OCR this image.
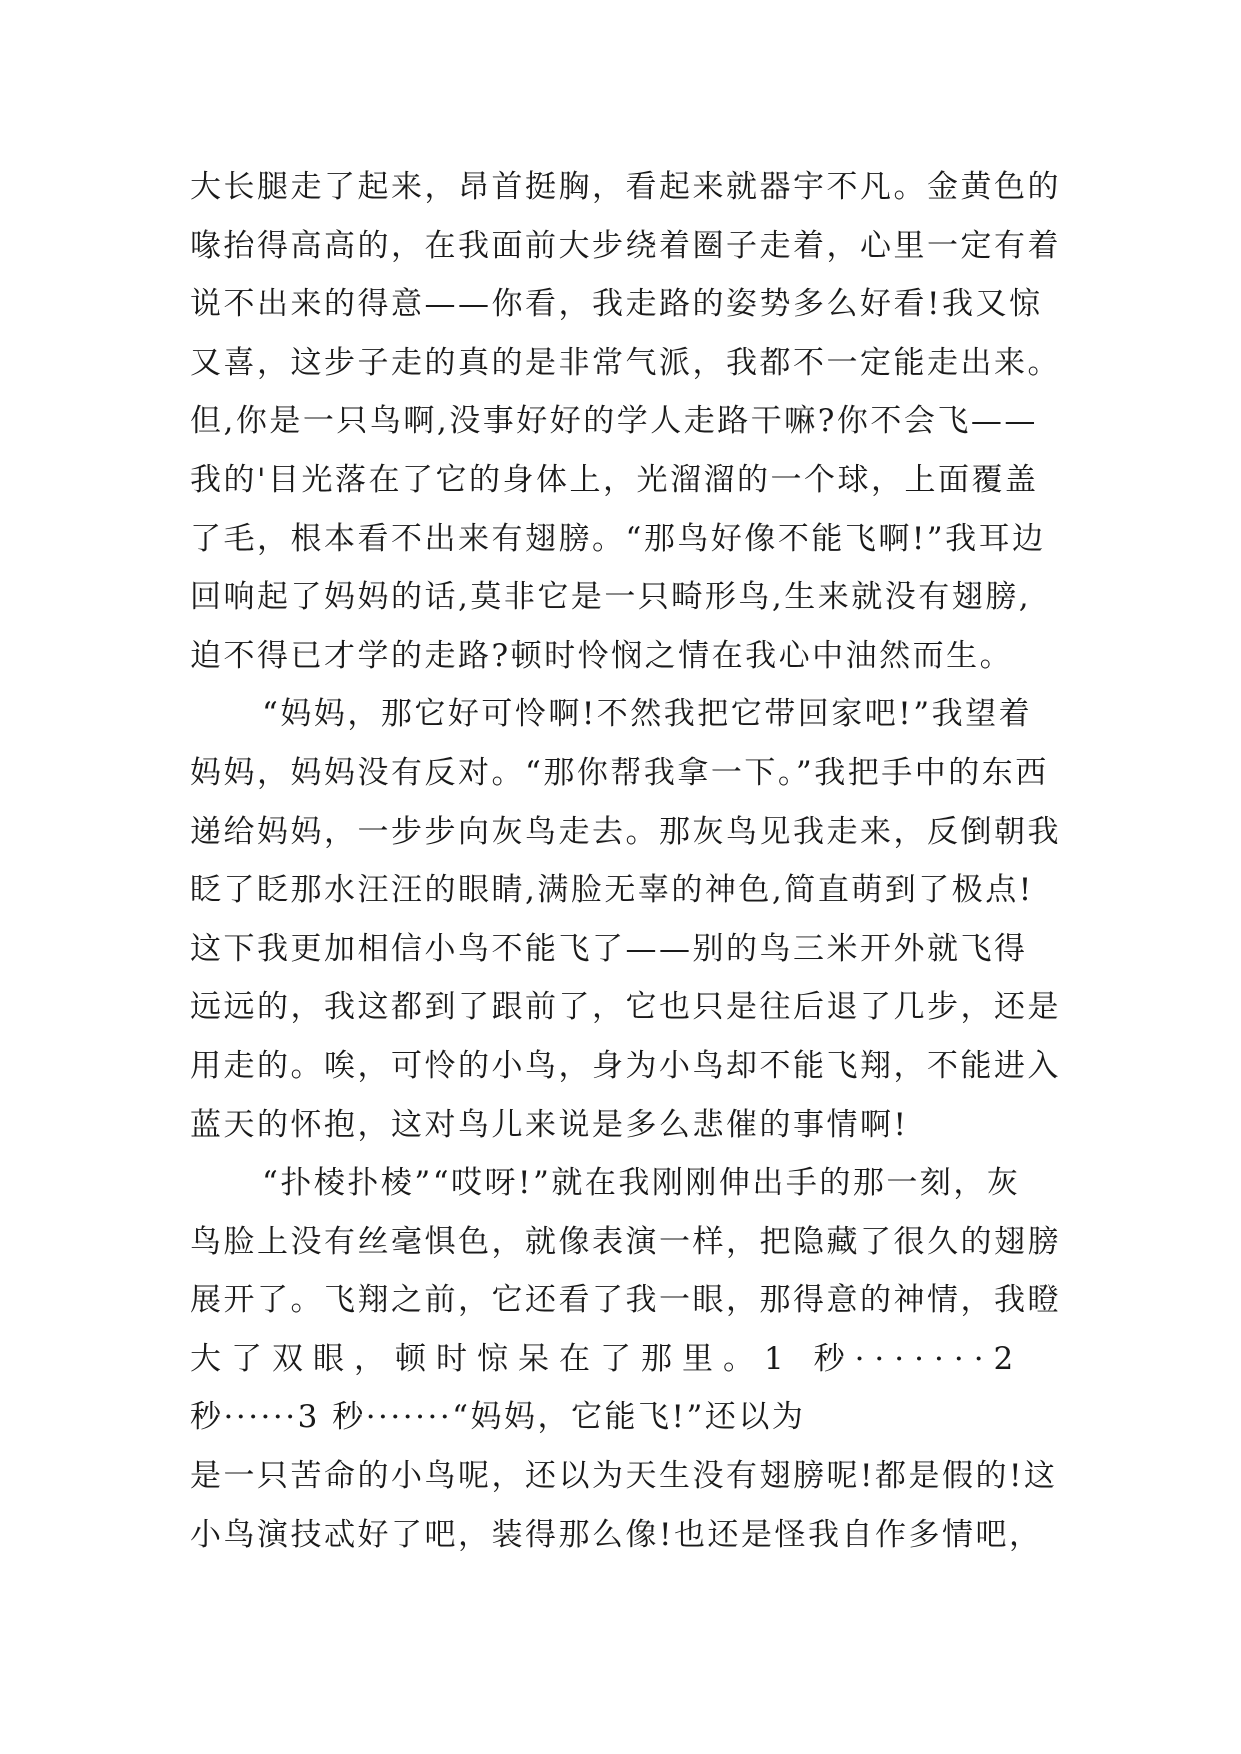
大长腿走了起来，昂首挺胸，看起来就器宇不凡。金黄色的
喙抬得高高的，在我面前大步绕着圈子走着，心里一定有着
说不出来的得意——你看，我走路的姿势多么好看!我又惊
又喜，这步子走的真的是非常气派，我都不一定能走出来。
但,你是一只鸟啊,没事好好的学人走路干嘛?你不会飞——
我的'目光落在了它的身体上，光溜溜的一个球，上面覆盖
了毛，根本看不出来有翅膀。“那鸟好像不能飞啊!”我耳边
回响起了妈妈的话,莫非它是一只畸形鸟,生来就没有翅膀,
迫不得已才学的走路?顿时怜悯之情在我心中油然而生。
“妈妈，那它好可怜啊!不然我把它带回家吧!”我望着
妈妈，妈妈没有反对。“那你帮我拿一下。”我把手中的东西
递给妈妈，一步步向灰鸟走去。那灰鸟见我走来，反倒朝我
眨了眨那水汪汪的眼睛,满脸无辜的神色,简直萌到了极点!
这下我更加相信小鸟不能飞了——别的鸟三米开外就飞得
远远的，我这都到了跟前了，它也只是往后退了几步，还是
用走的。唉，可怜的小鸟，身为小鸟却不能飞翔，不能进入
蓝天的怀抱，这对鸟儿来说是多么悲催的事情啊!
“扑棱扑棱”“哎呀!”就在我刚刚伸出手的那一刻，灰
鸟脸上没有丝毫惧色，就像表演一样，把隐藏了很久的翅膀
展开了。飞翔之前，它还看了我一眼，那得意的神情，我瞪
大了双眼，顿时惊呆在了那里。1 秒·······2
秒······3 秒·······“妈妈，它能飞!”还以为
是一只苦命的小鸟呢，还以为天生没有翅膀呢!都是假的!这
小鸟演技忒好了吧，装得那么像!也还是怪我自作多情吧，
